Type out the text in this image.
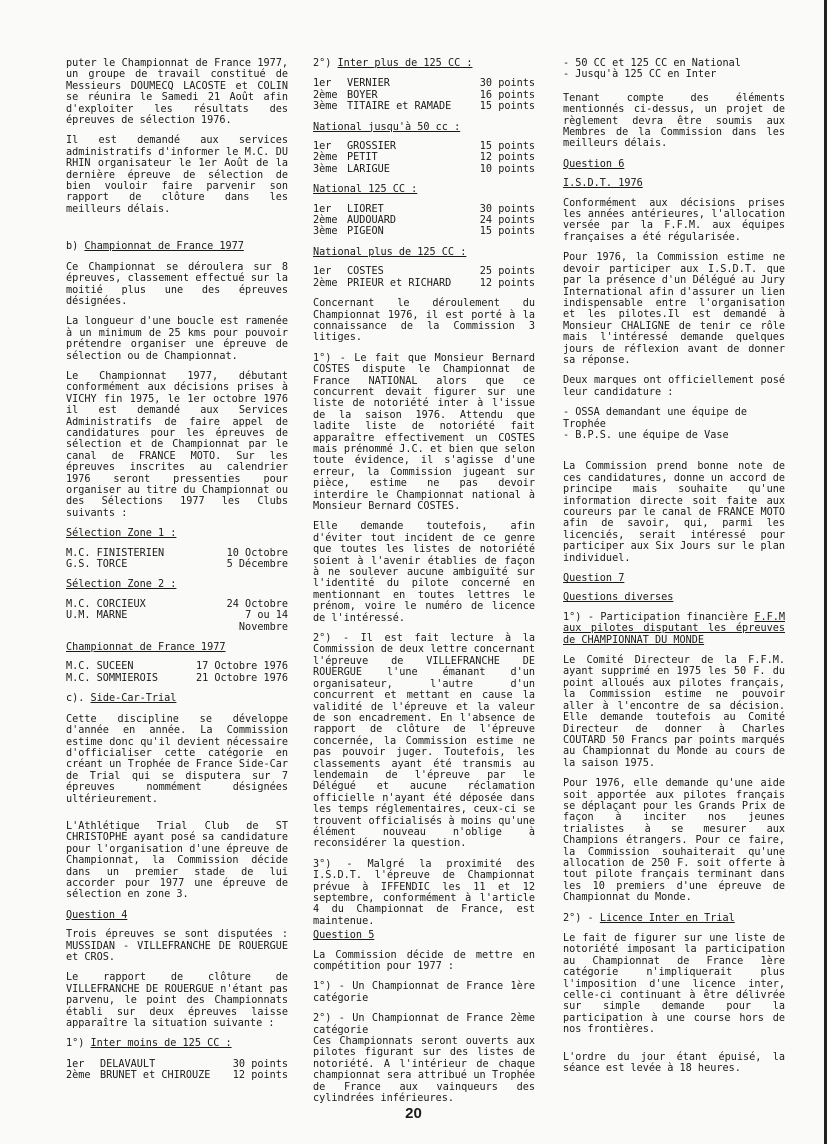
puter le Championnat de France 1977, un groupe de travail constitué de Messieurs DOUMECQ LACOSTE et COLIN se réunira le Samedi 21 Août afin d'exploiter les résultats des épreuves de sélection 1976.

Il est demandé aux services administratifs d'informer le M.C. DU RHIN organisateur le 1er Août de la dernière épreuve de sélection de bien vouloir faire parvenir son rapport de clôture dans les meilleurs délais.

b) Championnat de France 1977

Ce Championnat se déroulera sur 8 épreuves, classement effectué sur la moitié plus une des épreuves désignées.

La longueur d'une boucle est ramenée à un minimum de 25 kms pour pouvoir prétendre organiser une épreuve de sélection ou de Championnat.

Le Championnat 1977, débutant conformément aux décisions prises à VICHY fin 1975, le 1er octobre 1976 il est demandé aux Services Administratifs de faire appel de candidatures pour les épreuves de sélection et de Championnat par le canal de FRANCE MOTO. Sur les épreuves inscrites au calendrier 1976 seront pressenties pour organiser au titre du Championnat ou des Sélections 1977 les Clubs suivants :

Sélection Zone 1 :
M.C. FINISTERIEN	10 Octobre
G.S. TORCE	5 Décembre
Sélection Zone 2 :
M.C. CORCIEUX	24 Octobre
U.M. MARNE	7 ou 14 Novembre
Championnat de France 1977
M.C. SUCEEN	17 Octobre 1976
M.C. SOMMIEROIS	21 Octobre 1976

c). Side-Car-Trial

Cette discipline se développe d'année en année. La Commission estime donc qu'il devient nécessaire d'officialiser cette catégorie en créant un Trophée de France Side-Car de Trial qui se disputera sur 7 épreuves nommément désignées ultérieurement.

L'Athlétique Trial Club de ST CHRISTOPHE ayant posé sa candidature pour l'organisation d'une épreuve de Championnat, la Commission décide dans un premier stade de lui accorder pour 1977 une épreuve de sélection en zone 3.

Question 4

Trois épreuves se sont disputées : MUSSIDAN - VILLEFRANCHE DE ROUERGUE et CROS.

Le rapport de clôture de VILLEFRANCHE DE ROUERGUE n'étant pas parvenu, le point des Championnats établi sur deux épreuves laisse apparaître la situation suivante :

1°) Inter moins de 125 CC :

1er	DELAVAULT	30 points
2ème	BRUNET et CHIROUZE	12 points

2°) Inter plus de 125 CC :

1er	VERNIER	30 points
2ème	BOYER	16 points
3ème	TITAIRE et RAMADE	15 points
National jusqu'à 50 cc :
1er	GROSSIER	15 points
2ème	PETIT	12 points
3ème	LARIGUE	10 points
National 125 CC :
1er	LIORET	30 points
2ème	AUDOUARD	24 points
3ème	PIGEON	15 points
National plus de 125 CC :
1er	COSTES	25 points
2ème	PRIEUR et RICHARD	12 points

Concernant le déroulement du Championnat 1976, il est porté à la connaissance de la Commission 3 litiges.

1°) - Le fait que Monsieur Bernard COSTES dispute le Championnat de France NATIONAL alors que ce concurrent devait figurer sur une liste de notoriété inter à l'issue de la saison 1976. Attendu que ladite liste de notoriété fait apparaître effectivement un COSTES mais prénommé J.C. et bien que selon toute évidence, il s'agisse d'une erreur, la Commission jugeant sur pièce, estime ne pas devoir interdire le Championnat national à Monsieur Bernard COSTES.

Elle demande toutefois, afin d'éviter tout incident de ce genre que toutes les listes de notoriété soient à l'avenir établies de façon à ne soulever aucune ambiguïté sur l'identité du pilote concerné en mentionnant en toutes lettres le prénom, voire le numéro de licence de l'intéressé.

2°) - Il est fait lecture à la Commission de deux lettre concernant l'épreuve de VILLEFRANCHE DE ROUERGUE l'une émanant d'un organisateur, l'autre d'un concurrent et mettant en cause la validité de l'épreuve et la valeur de son encadrement. En l'absence de rapport de clôture de l'épreuve concernée, la Commission estime ne pas pouvoir juger. Toutefois, les classements ayant été transmis au lendemain de l'épreuve par le Délégué et aucune réclamation officielle n'ayant été déposée dans les temps réglementaires, ceux-ci se trouvent officialisés à moins qu'une élément nouveau n'oblige à reconsidérer la question.

3°) - Malgré la proximité des I.S.D.T. l'épreuve de Championnat prévue à IFFENDIC les 11 et 12 septembre, conformément à l'article 4 du Championnat de France, est maintenue.

Question 5

La Commission décide de mettre en compétition pour 1977 :

1°) - Un Championnat de France 1ère catégorie

2°) - Un Championnat de France 2ème catégorie

Ces Championnats seront ouverts aux pilotes figurant sur des listes de notoriété. A l'intérieur de chaque championnat sera attribué un Trophée de France aux vainqueurs des cylindrées inférieures.

- 50 CC et 125 CC en National
- Jusqu'à 125 CC en Inter

Tenant compte des éléments mentionnés ci-dessus, un projet de règlement devra être soumis aux Membres de la Commission dans les meilleurs délais.

Question 6
I.S.D.T. 1976

Conformément aux décisions prises les années antérieures, l'allocation versée par la F.F.M. aux équipes françaises a été régularisée.

Pour 1976, la Commission estime ne devoir participer aux I.S.D.T. que par la présence d'un Délégué au Jury International afin d'assurer un lien indispensable entre l'organisation et les pilotes.Il est demandé à Monsieur CHALIGNE de tenir ce rôle mais l'intéressé demande quelques jours de réflexion avant de donner sa réponse.

Deux marques ont officiellement posé leur candidature :

- OSSA demandant une équipe de Trophée
- B.P.S. une équipe de Vase

La Commission prend bonne note de ces candidatures, donne un accord de principe mais souhaite qu'une information directe soit faite aux coureurs par le canal de FRANCE MOTO afin de savoir, qui, parmi les licenciés, serait intéressé pour participer aux Six Jours sur le plan individuel.

Question 7
Questions diverses

1°) - Participation financière F.F.M aux pilotes disputant les épreuves de CHAMPIONNAT DU MONDE

Le Comité Directeur de la F.F.M. ayant supprimé en 1975 les 50 F. du point alloués aux pilotes français, la Commission estime ne pouvoir aller à l'encontre de sa décision. Elle demande toutefois au Comité Directeur de donner à Charles COUTARD 50 Francs par points marqués au Championnat du Monde au cours de la saison 1975.

Pour 1976, elle demande qu'une aide soit apportée aux pilotes français se déplaçant pour les Grands Prix de façon à inciter nos jeunes trialistes à se mesurer aux Champions étrangers. Pour ce faire, la Commission souhaiterait qu'une allocation de 250 F. soit offerte à tout pilote français terminant dans les 10 premiers d'une épreuve de Championnat du Monde.

2°) - Licence Inter en Trial

Le fait de figurer sur une liste de notoriété imposant la participation au Championnat de France 1ère catégorie n'impliquerait plus l'imposition d'une licence inter, celle-ci continuant à être délivrée sur simple demande pour la participation à une course hors de nos frontières.

L'ordre du jour étant épuisé, la séance est levée à 18 heures.

20
